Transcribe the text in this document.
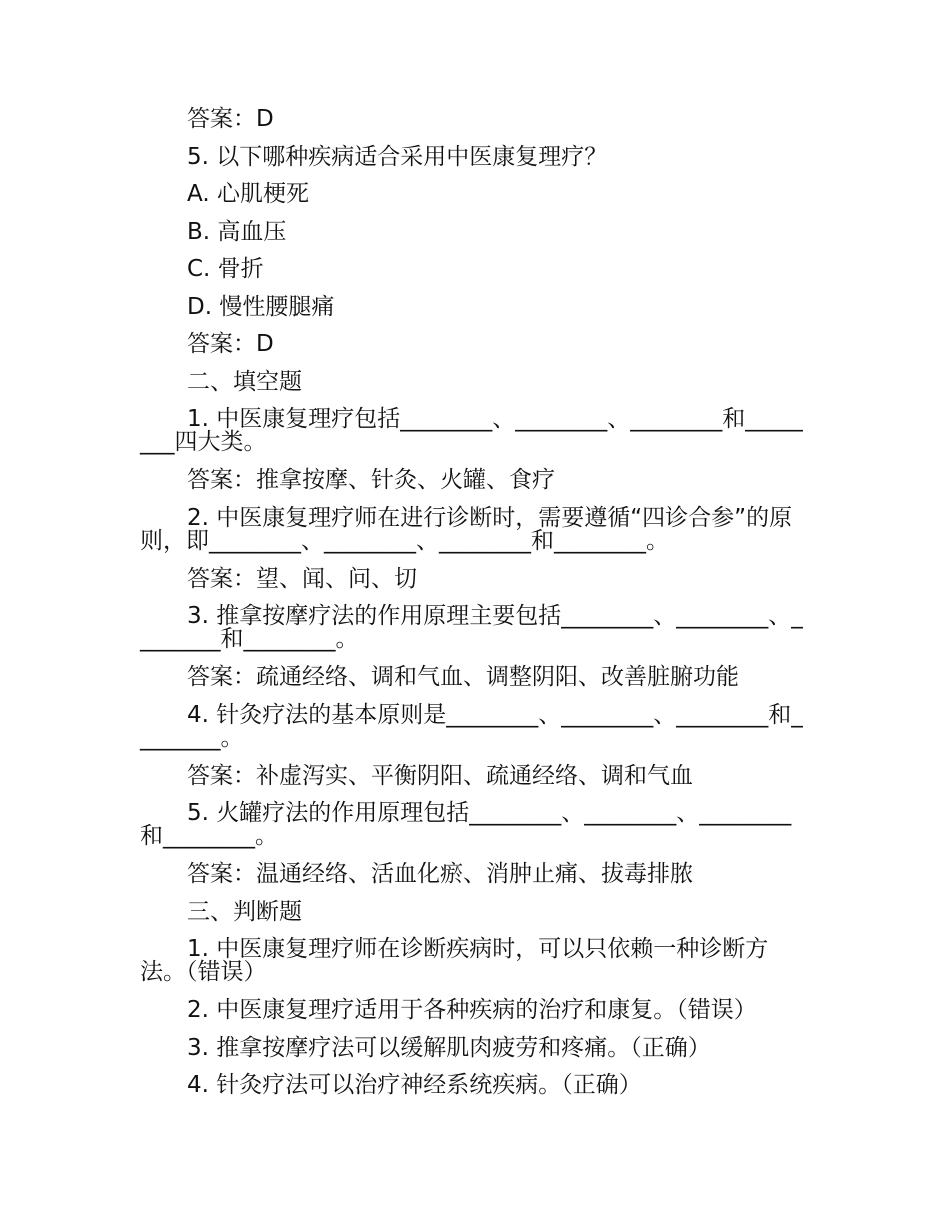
答案：D
5. 以下哪种疾病适合采用中医康复理疗？
A. 心肌梗死
B. 高血压
C. 骨折
D. 慢性腰腿痛
答案：D
二、填空题
1. 中医康复理疗包括________、________、________和________四大类。
答案：推拿按摩、针灸、火罐、食疗
2. 中医康复理疗师在进行诊断时，需要遵循“四诊合参”的原则，即________、________、________和________。
答案：望、闻、问、切
3. 推拿按摩疗法的作用原理主要包括________、________、________和________。
答案：疏通经络、调和气血、调整阴阳、改善脏腑功能
4. 针灸疗法的基本原则是________、________、________和________。
答案：补虚泻实、平衡阴阳、疏通经络、调和气血
5. 火罐疗法的作用原理包括________、________、________和________。
答案：温通经络、活血化瘀、消肿止痛、拔毒排脓
三、判断题
1. 中医康复理疗师在诊断疾病时，可以只依赖一种诊断方法。（错误）
2. 中医康复理疗适用于各种疾病的治疗和康复。（错误）
3. 推拿按摩疗法可以缓解肌肉疲劳和疼痛。（正确）
4. 针灸疗法可以治疗神经系统疾病。（正确）
